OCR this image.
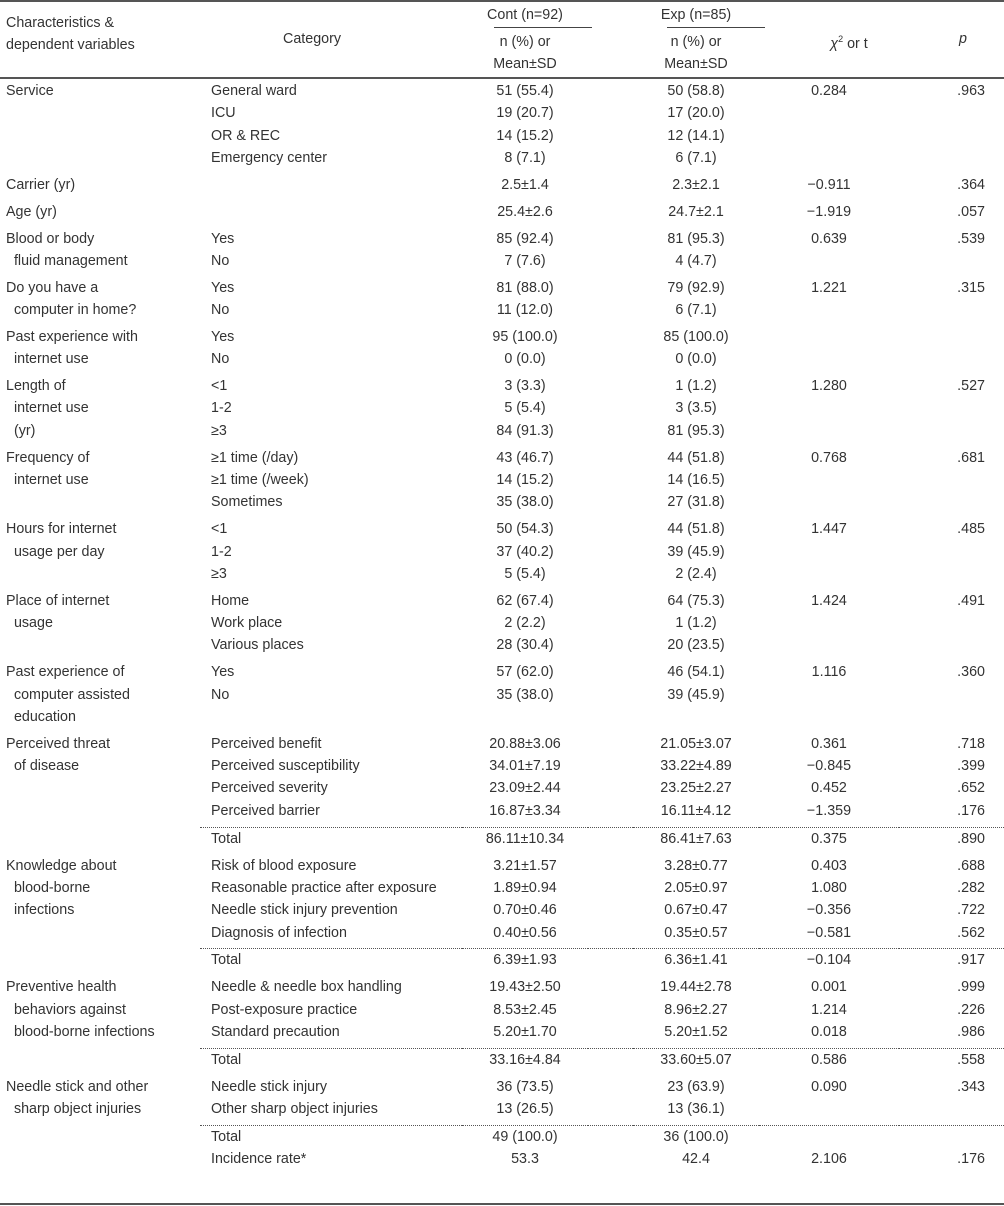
Characteristics &
dependent variables	Category
Cont (n=92)
n (%) or
Mean±SD
Exp (n=85)
n (%) or
Mean±SD
$\chi^2$ or t	p
Service	General ward	51 (55.4)		50 (58.8)	0.284	.963
	ICU	19 (20.7)		17 (20.0)		
	OR & REC	14 (15.2)		12 (14.1)		
	Emergency center	8 (7.1)		6 (7.1)		

Carrier (yr)		2.5±1.4		2.3±2.1	−0.911	.364

Age (yr)		25.4±2.6		24.7±2.1	−1.919	.057

Blood or body	Yes	85 (92.4)		81 (95.3)	0.639	.539
fluid management	No	7 (7.6)		4 (4.7)		

Do you have a	Yes	81 (88.0)		79 (92.9)	1.221	.315
computer in home?	No	11 (12.0)		6 (7.1)		

Past experience with	Yes	95 (100.0)		85 (100.0)		
internet use	No	0 (0.0)		0 (0.0)		

Length of	<1	3 (3.3)		1 (1.2)	1.280	.527
internet use	1-2	5 (5.4)		3 (3.5)		
(yr)	≥3	84 (91.3)		81 (95.3)		

Frequency of	≥1 time (/day)	43 (46.7)		44 (51.8)	0.768	.681
internet use	≥1 time (/week)	14 (15.2)		14 (16.5)		
	Sometimes	35 (38.0)		27 (31.8)		

Hours for internet	<1	50 (54.3)		44 (51.8)	1.447	.485
usage per day	1-2	37 (40.2)		39 (45.9)		
	≥3	5 (5.4)		2 (2.4)		

Place of internet	Home	62 (67.4)		64 (75.3)	1.424	.491
usage	Work place	2 (2.2)		1 (1.2)		
	Various places	28 (30.4)		20 (23.5)		

Past experience of	Yes	57 (62.0)		46 (54.1)	1.116	.360
computer assisted	No	35 (38.0)		39 (45.9)		
education						

Perceived threat	Perceived benefit	20.88±3.06		21.05±3.07	0.361	.718
of disease	Perceived susceptibility	34.01±7.19		33.22±4.89	−0.845	.399
	Perceived severity	23.09±2.44		23.25±2.27	0.452	.652
	Perceived barrier	16.87±3.34		16.11±4.12	−1.359	.176

	Total	86.11±10.34		86.41±7.63	0.375	.890

Knowledge about	Risk of blood exposure	3.21±1.57		3.28±0.77	0.403	.688
blood-borne	Reasonable practice after exposure	1.89±0.94		2.05±0.97	1.080	.282
infections	Needle stick injury prevention	0.70±0.46		0.67±0.47	−0.356	.722
	Diagnosis of infection	0.40±0.56		0.35±0.57	−0.581	.562

	Total	6.39±1.93		6.36±1.41	−0.104	.917

Preventive health	Needle & needle box handling	19.43±2.50		19.44±2.78	0.001	.999
behaviors against	Post-exposure practice	8.53±2.45		8.96±2.27	1.214	.226
blood-borne infections	Standard precaution	5.20±1.70		5.20±1.52	0.018	.986

	Total	33.16±4.84		33.60±5.07	0.586	.558

Needle stick and other	Needle stick injury	36 (73.5)		23 (63.9)	0.090	.343
sharp object injuries	Other sharp object injuries	13 (26.5)		13 (36.1)		

	Total	49 (100.0)		36 (100.0)		
	Incidence rate*	53.3		42.4	2.106	.176
